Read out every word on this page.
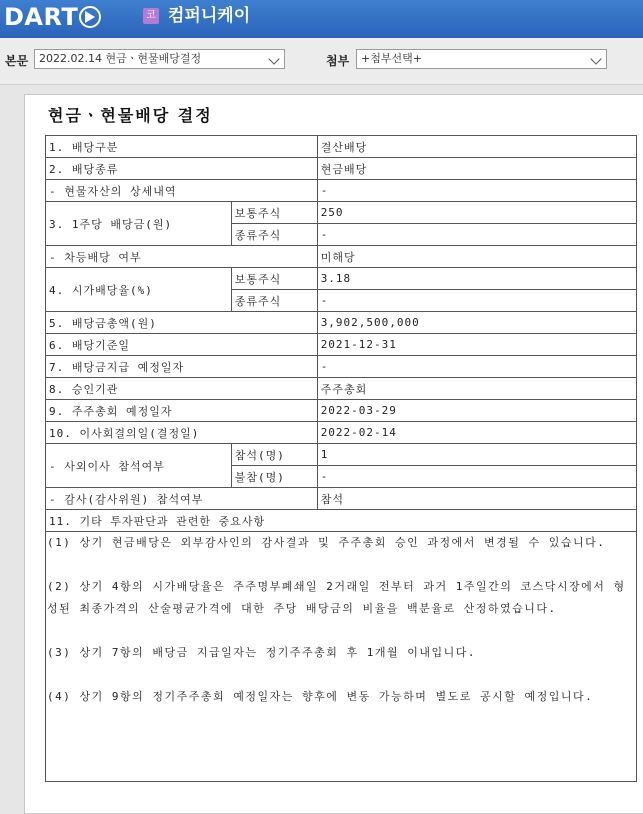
DART	코 컴퍼니케이
본문 2022.02.14 현금ㆍ현물배당결정	첨부	+첨부선택+
현금ㆍ현물배당 결정
1. 배당구분		결산배당
2. 배당종류		현금배당
- 현물자산의 상세내역		-
3. 1주당 배당금(원)	보통주식	250
	종류주식	-
- 차등배당 여부		미해당
4. 시가배당율(%)	보통주식	3.18
	종류주식	-
5. 배당금총액(원)		3,902,500,000
6. 배당기준일		2021-12-31
7. 배당금지급 예정일자		-
8. 승인기관		주주총회
9. 주주총회 예정일자		2022-03-29
10. 이사회결의일(결정일)		2022-02-14
- 사외이사 참석여부	참석(명)	1
	불참(명)	-
- 감사(감사위원) 참석여부		참석
11. 기타 투자판단과 관련한 중요사항		

(1) 상기 현금배당은 외부감사인의 감사결과 및 주주총회 승인 과정에서 변경될 수 있습니다.

(2) 상기 4항의 시가배당율은 주주명부폐쇄일 2거래일 전부터 과거 1주일간의 코스닥시장에서 형성된 최종가격의 산술평균가격에 대한 주당 배당금의 비율을 백분율로 산정하였습니다.

(3) 상기 7항의 배당금 지급일자는 정기주주총회 후 1개월 이내입니다.

(4) 상기 9항의 정기주주총회 예정일자는 향후에 변동 가능하며 별도로 공시할 예정입니다.		
